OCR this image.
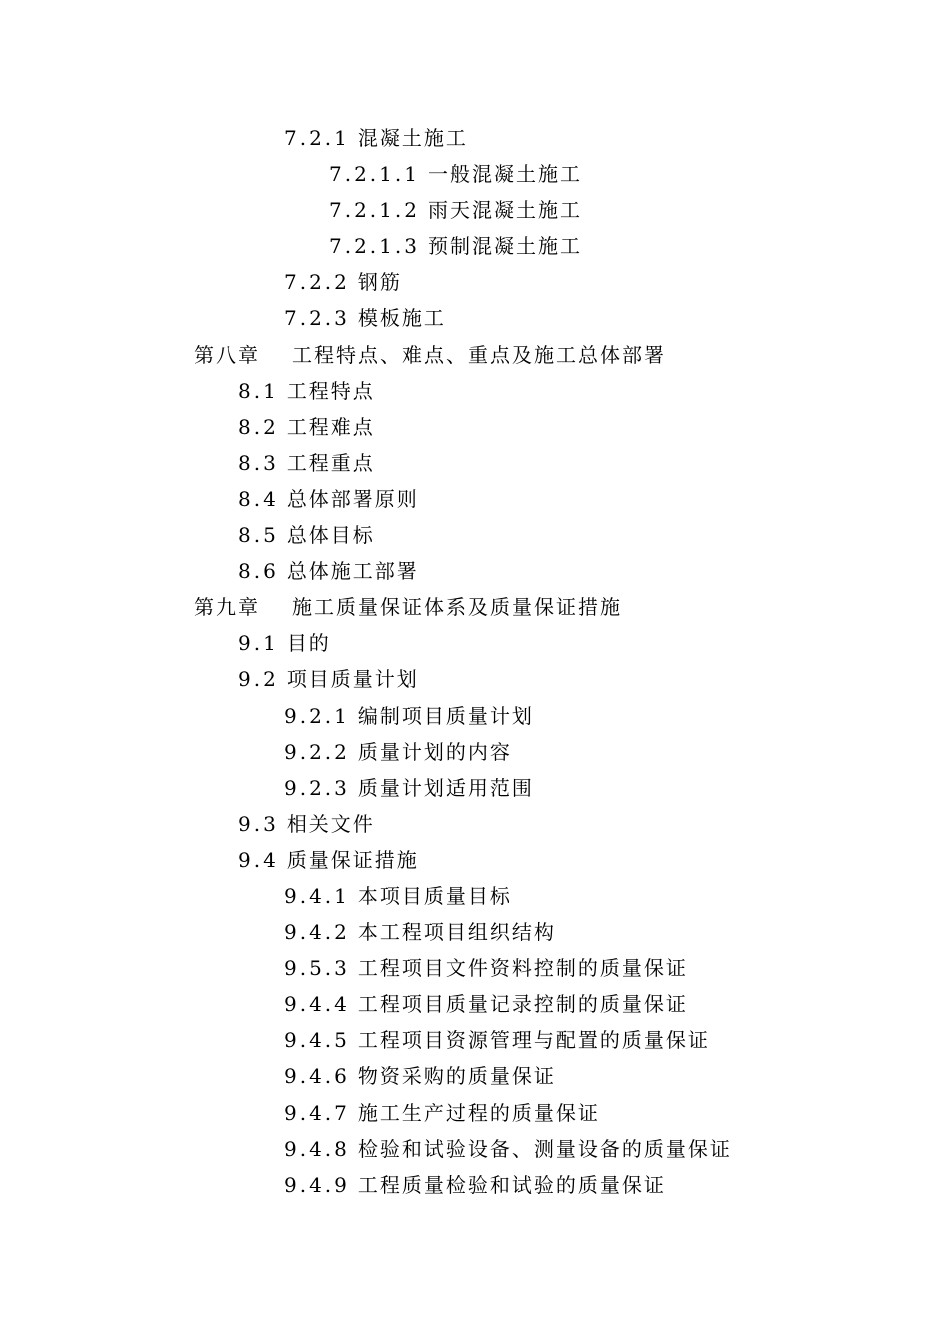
7.2.1 混凝土施工
7.2.1.1 一般混凝土施工
7.2.1.2 雨天混凝土施工
7.2.1.3 预制混凝土施工
7.2.2 钢筋
7.2.3 模板施工
第八章 工程特点、难点、重点及施工总体部署
8.1 工程特点
8.2 工程难点
8.3 工程重点
8.4 总体部署原则
8.5 总体目标
8.6 总体施工部署
第九章 施工质量保证体系及质量保证措施
9.1 目的
9.2 项目质量计划
9.2.1 编制项目质量计划
9.2.2 质量计划的内容
9.2.3 质量计划适用范围
9.3 相关文件
9.4 质量保证措施
9.4.1 本项目质量目标
9.4.2 本工程项目组织结构
9.5.3 工程项目文件资料控制的质量保证
9.4.4 工程项目质量记录控制的质量保证
9.4.5 工程项目资源管理与配置的质量保证
9.4.6 物资采购的质量保证
9.4.7 施工生产过程的质量保证
9.4.8 检验和试验设备、测量设备的质量保证
9.4.9 工程质量检验和试验的质量保证
